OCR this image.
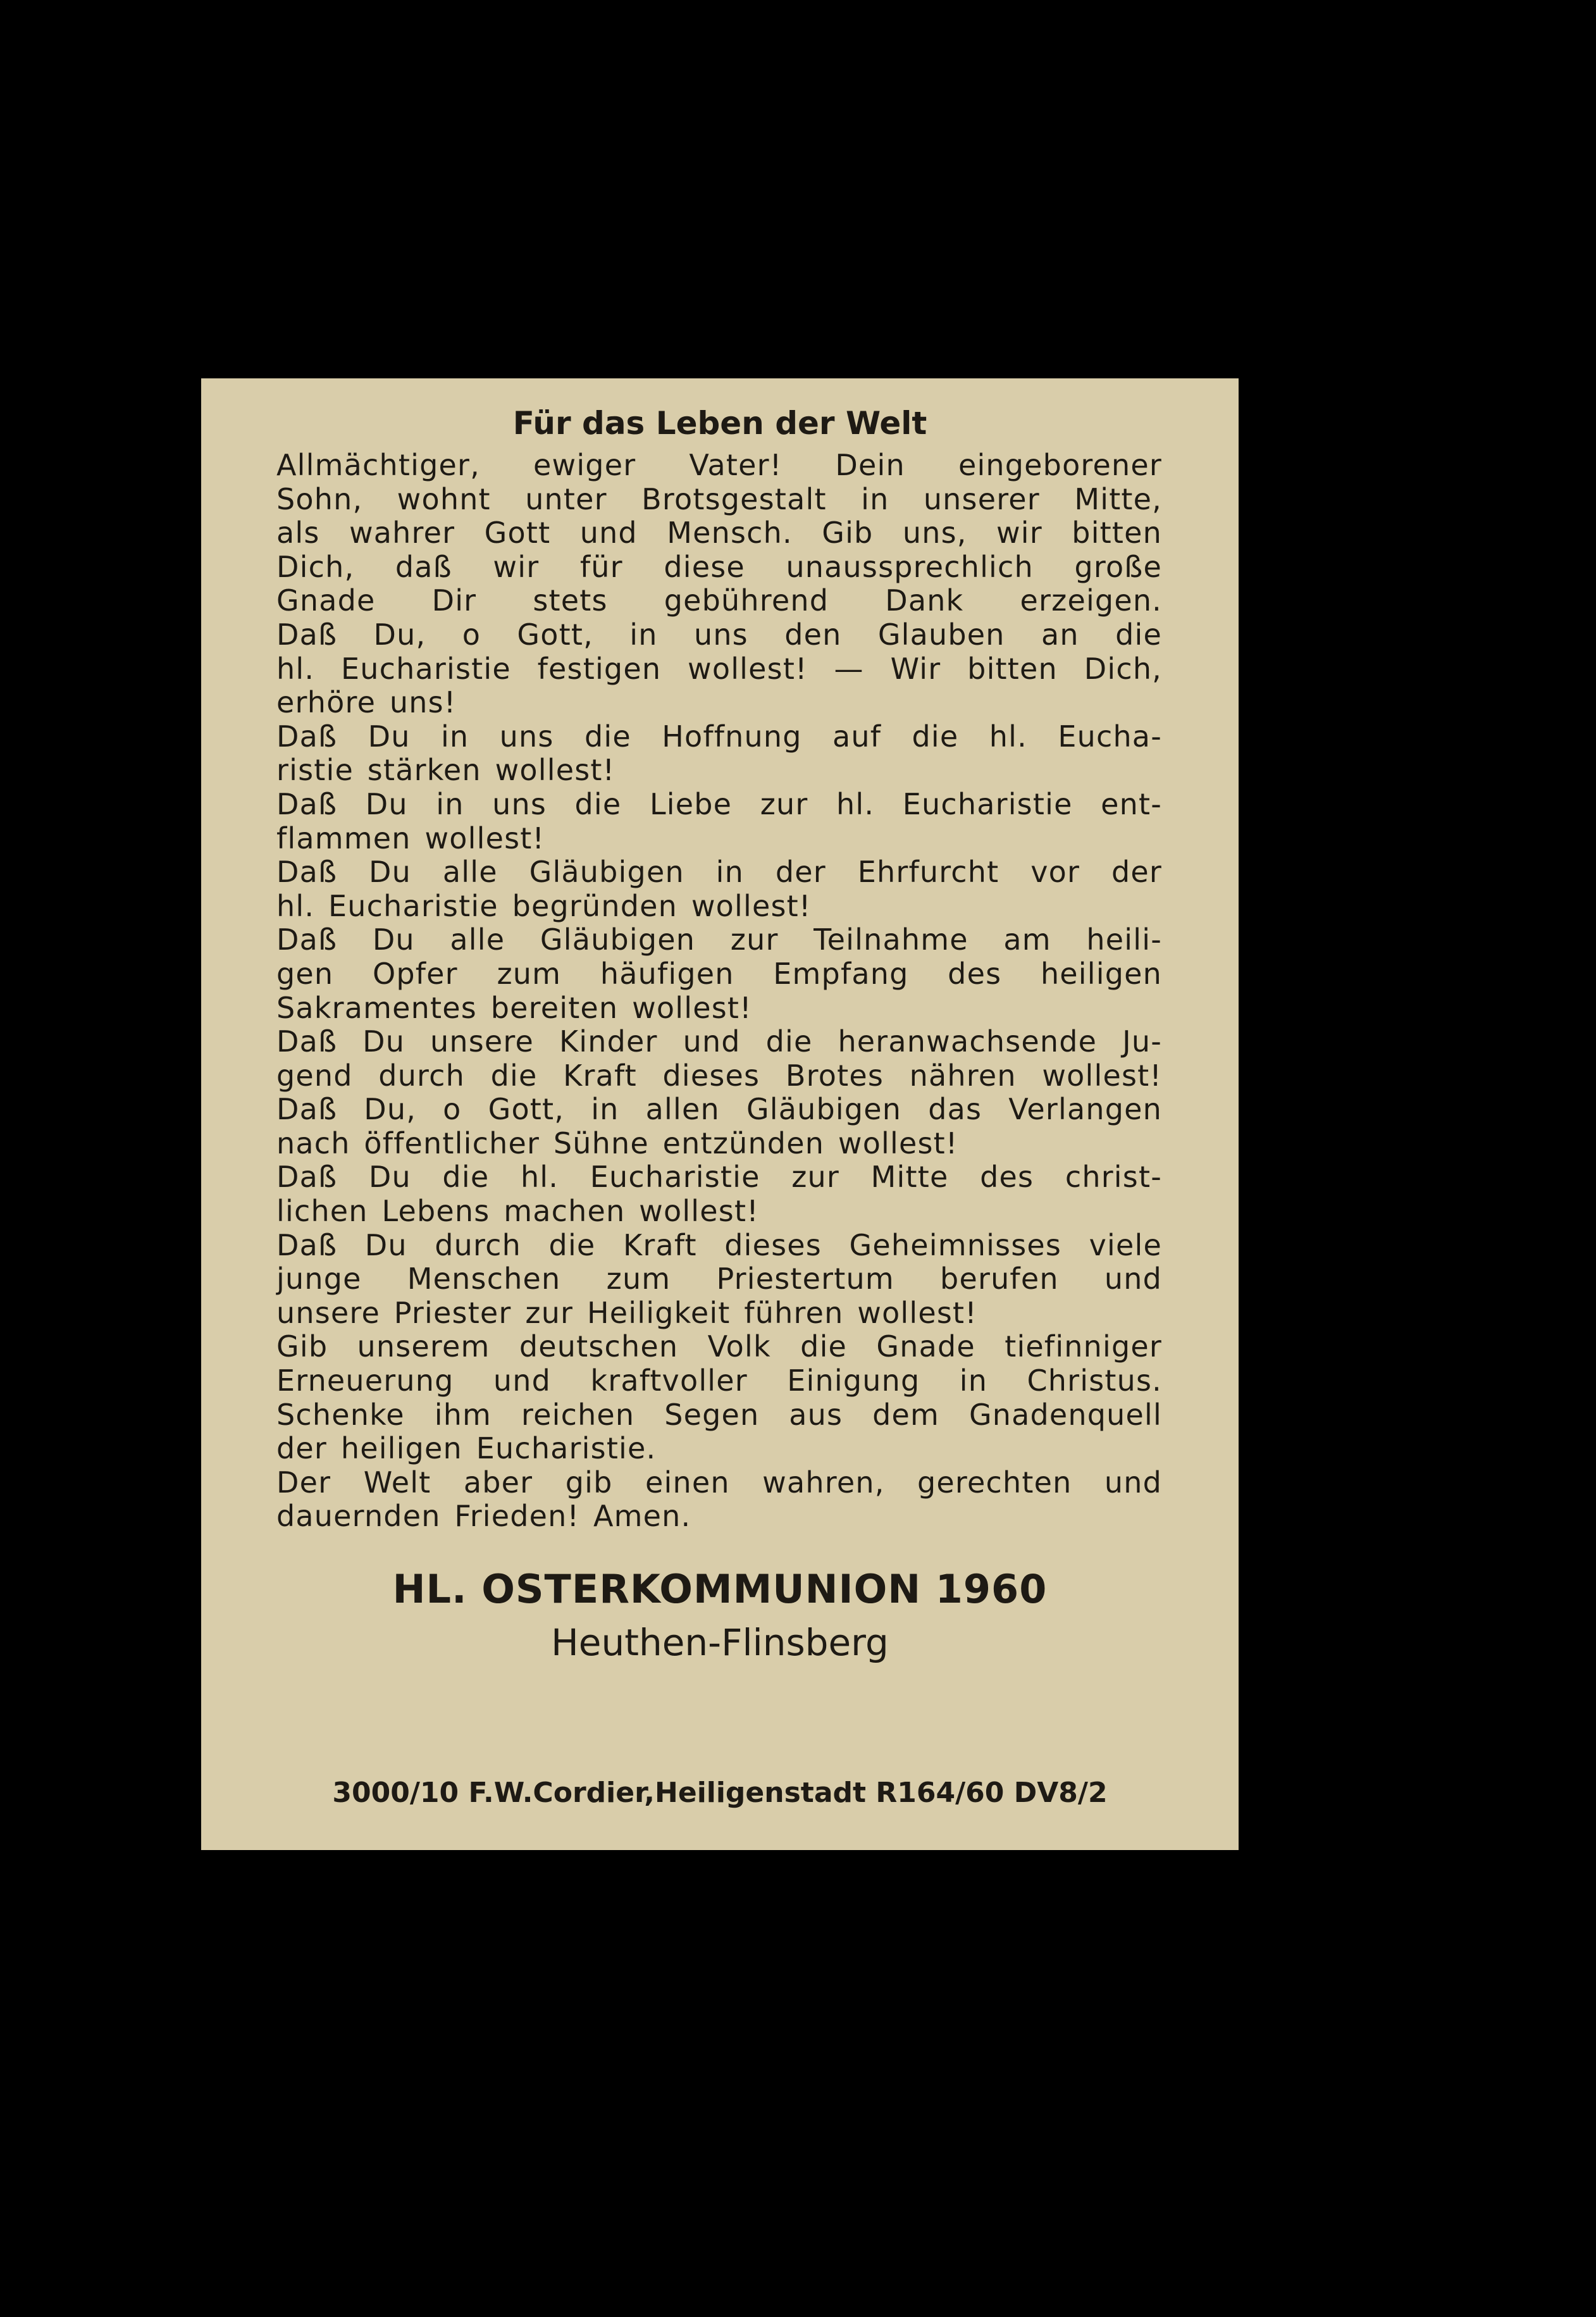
Für das Leben der Welt
Allmächtiger, ewiger Vater! Dein eingeborener
Sohn, wohnt unter Brotsgestalt in unserer Mitte,
als wahrer Gott und Mensch. Gib uns, wir bitten
Dich, daß wir für diese unaussprechlich große
Gnade Dir stets gebührend Dank erzeigen.
Daß Du, o Gott, in uns den Glauben an die
hl. Eucharistie festigen wollest! — Wir bitten Dich,
erhöre uns!
Daß Du in uns die Hoffnung auf die hl. Eucha-
ristie stärken wollest!
Daß Du in uns die Liebe zur hl. Eucharistie ent-
flammen wollest!
Daß Du alle Gläubigen in der Ehrfurcht vor der
hl. Eucharistie begründen wollest!
Daß Du alle Gläubigen zur Teilnahme am heili-
gen Opfer zum häufigen Empfang des heiligen
Sakramentes bereiten wollest!
Daß Du unsere Kinder und die heranwachsende Ju-
gend durch die Kraft dieses Brotes nähren wollest!
Daß Du, o Gott, in allen Gläubigen das Verlangen
nach öffentlicher Sühne entzünden wollest!
Daß Du die hl. Eucharistie zur Mitte des christ-
lichen Lebens machen wollest!
Daß Du durch die Kraft dieses Geheimnisses viele
junge Menschen zum Priestertum berufen und
unsere Priester zur Heiligkeit führen wollest!
Gib unserem deutschen Volk die Gnade tiefinniger
Erneuerung und kraftvoller Einigung in Christus.
Schenke ihm reichen Segen aus dem Gnadenquell
der heiligen Eucharistie.
Der Welt aber gib einen wahren, gerechten und
dauernden Frieden! Amen.
HL. OSTERKOMMUNION 1960
Heuthen-Flinsberg
3000/10 F.W.Cordier,Heiligenstadt R164/60 DV8/2
